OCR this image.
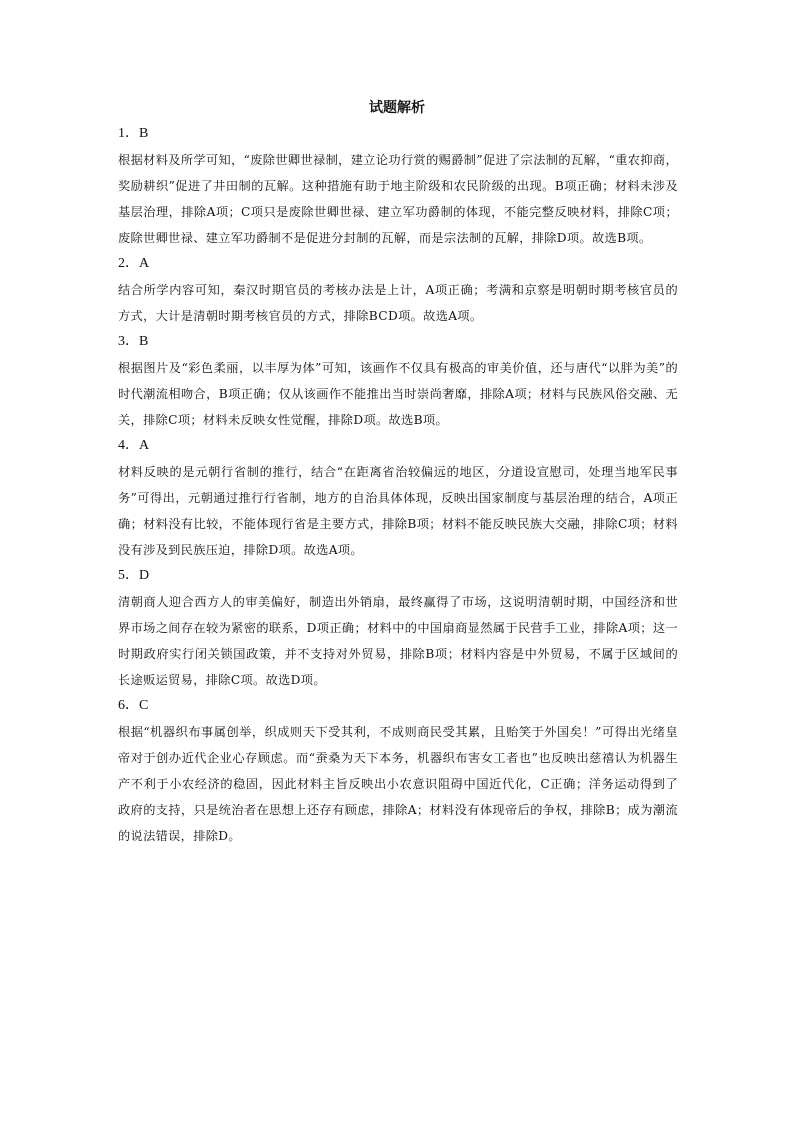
试题解析
1．B
根据材料及所学可知，“废除世卿世禄制，建立论功行赏的赐爵制”促进了宗法制的瓦解，“重农抑商，奖励耕织”促进了井田制的瓦解。这种措施有助于地主阶级和农民阶级的出现。B项正确；材料未涉及基层治理，排除A项；C项只是废除世卿世禄、建立军功爵制的体现，不能完整反映材料，排除C项；废除世卿世禄、建立军功爵制不是促进分封制的瓦解，而是宗法制的瓦解，排除D项。故选B项。
2．A
结合所学内容可知，秦汉时期官员的考核办法是上计，A项正确；考满和京察是明朝时期考核官员的方式，大计是清朝时期考核官员的方式，排除BCD项。故选A项。
3．B
根据图片及“彩色柔丽，以丰厚为体”可知，该画作不仅具有极高的审美价值，还与唐代“以胖为美”的时代潮流相吻合，B项正确；仅从该画作不能推出当时崇尚奢靡，排除A项；材料与民族风俗交融、无关，排除C项；材料未反映女性觉醒，排除D项。故选B项。
4．A
材料反映的是元朝行省制的推行，结合“在距离省治较偏远的地区，分道设宣慰司，处理当地军民事务”可得出，元朝通过推行行省制，地方的自治具体体现，反映出国家制度与基层治理的结合，A项正确；材料没有比较，不能体现行省是主要方式，排除B项；材料不能反映民族大交融，排除C项；材料没有涉及到民族压迫，排除D项。故选A项。
5．D
清朝商人迎合西方人的审美偏好，制造出外销扇，最终赢得了市场，这说明清朝时期，中国经济和世界市场之间存在较为紧密的联系，D项正确；材料中的中国扇商显然属于民营手工业，排除A项；这一时期政府实行闭关锁国政策，并不支持对外贸易，排除B项；材料内容是中外贸易，不属于区域间的长途贩运贸易，排除C项。故选D项。
6．C
根据“机器织布事属创举，织成则天下受其利，不成则商民受其累，且贻笑于外国矣！”可得出光绪皇帝对于创办近代企业心存顾虑。而“蚕桑为天下本务，机器织布害女工者也”也反映出慈禧认为机器生产不利于小农经济的稳固，因此材料主旨反映出小农意识阻碍中国近代化，C正确；洋务运动得到了政府的支持，只是统治者在思想上还存有顾虑，排除A；材料没有体现帝后的争权，排除B；成为潮流的说法错误，排除D。
